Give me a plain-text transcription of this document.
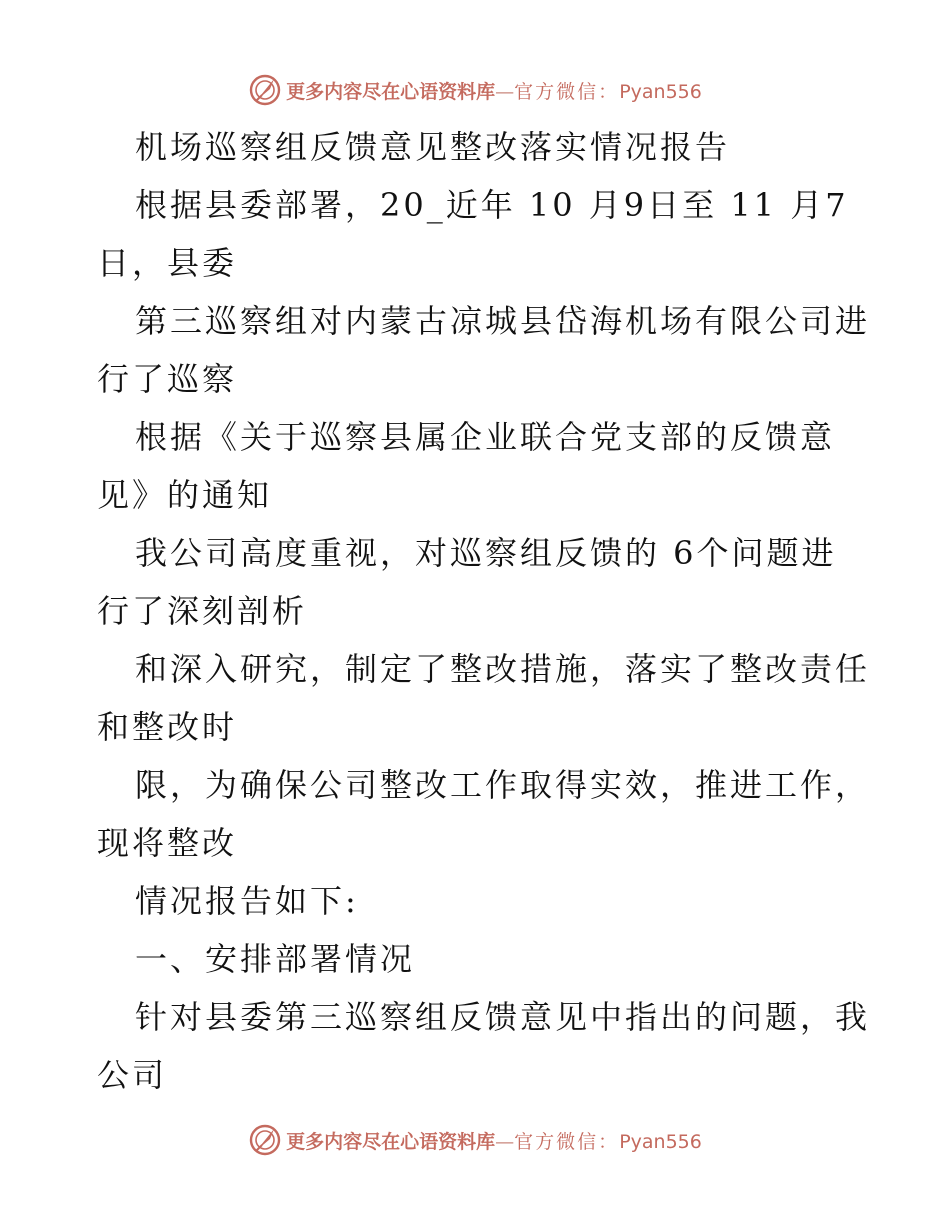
更多内容尽在心语资料库—官方微信：Pyan556
机场巡察组反馈意见整改落实情况报告
根据县委部署，20_近年 10 月9日至 11 月7
日，县委
第三巡察组对内蒙古凉城县岱海机场有限公司进
行了巡察
根据《关于巡察县属企业联合党支部的反馈意
见》的通知
我公司高度重视，对巡察组反馈的 6个问题进
行了深刻剖析
和深入研究，制定了整改措施，落实了整改责任
和整改时
限，为确保公司整改工作取得实效，推进工作，
现将整改
情况报告如下:
一、安排部署情况
针对县委第三巡察组反馈意见中指出的问题，我
公司
更多内容尽在心语资料库—官方微信：Pyan556
